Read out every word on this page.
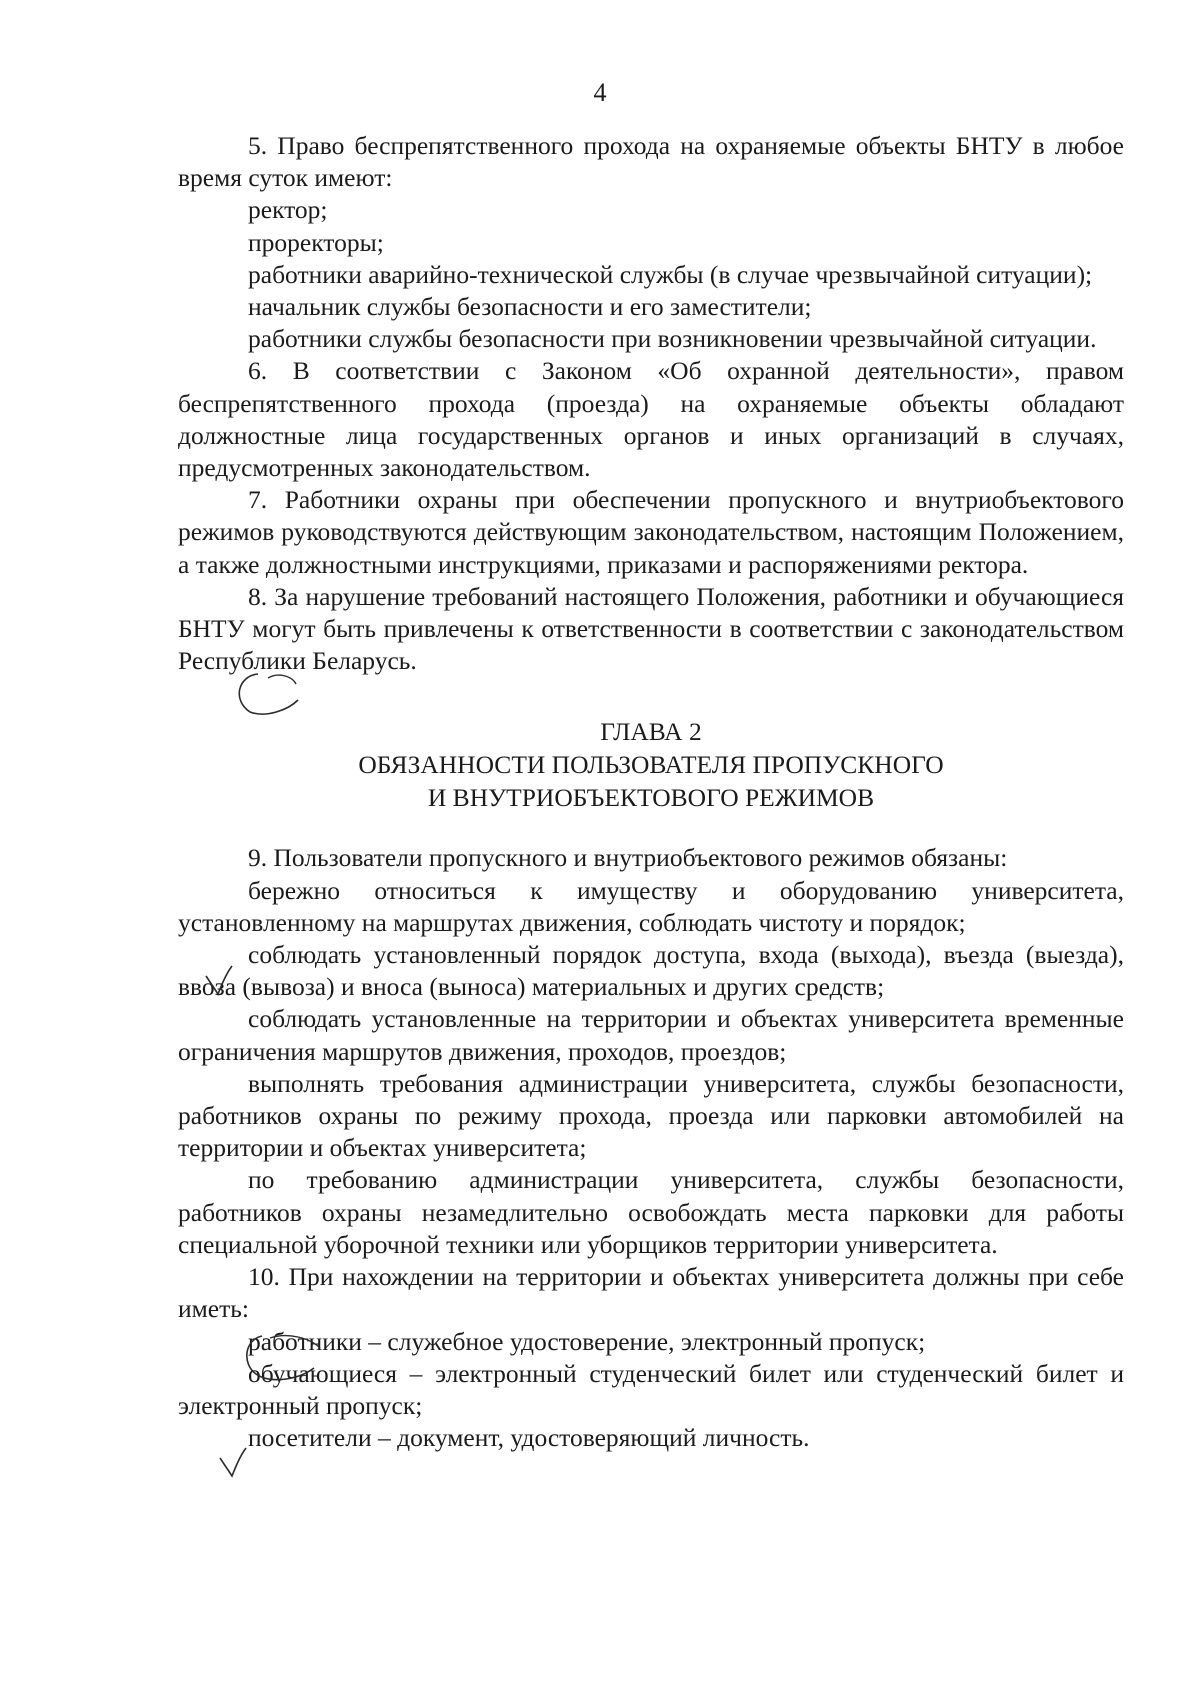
4

5. Право беспрепятственного прохода на охраняемые объекты БНТУ в любое время суток имеют:

ректор;

проректоры;

работники аварийно-технической службы (в случае чрезвычайной ситуации);

начальник службы безопасности и его заместители;

работники службы безопасности при возникновении чрезвычайной ситуации.

6. В соответствии с Законом «Об охранной деятельности», правом беспрепятственного прохода (проезда) на охраняемые объекты обладают должностные лица государственных органов и иных организаций в случаях, предусмотренных законодательством.

7. Работники охраны при обеспечении пропускного и внутриобъектового режимов руководствуются действующим законодательством, настоящим Положением, а также должностными инструкциями, приказами и распоряжениями ректора.

8. За нарушение требований настоящего Положения, работники и обучающиеся БНТУ могут быть привлечены к ответственности в соответствии с законодательством Республики Беларусь.

ГЛАВА 2
ОБЯЗАННОСТИ ПОЛЬЗОВАТЕЛЯ ПРОПУСКНОГО
И ВНУТРИОБЪЕКТОВОГО РЕЖИМОВ

9. Пользователи пропускного и внутриобъектового режимов обязаны:

бережно относиться к имуществу и оборудованию университета, установленному на маршрутах движения, соблюдать чистоту и порядок;

соблюдать установленный порядок доступа, входа (выхода), въезда (выезда), ввоза (вывоза) и вноса (выноса) материальных и других средств;

соблюдать установленные на территории и объектах университета временные ограничения маршрутов движения, проходов, проездов;

выполнять требования администрации университета, службы безопасности, работников охраны по режиму прохода, проезда или парковки автомобилей на территории и объектах университета;

по требованию администрации университета, службы безопасности, работников охраны незамедлительно освобождать места парковки для работы специальной уборочной техники или уборщиков территории университета.

10. При нахождении на территории и объектах университета должны при себе иметь:

работники – служебное удостоверение, электронный пропуск;

обучающиеся – электронный студенческий билет или студенческий билет и электронный пропуск;

посетители – документ, удостоверяющий личность.
